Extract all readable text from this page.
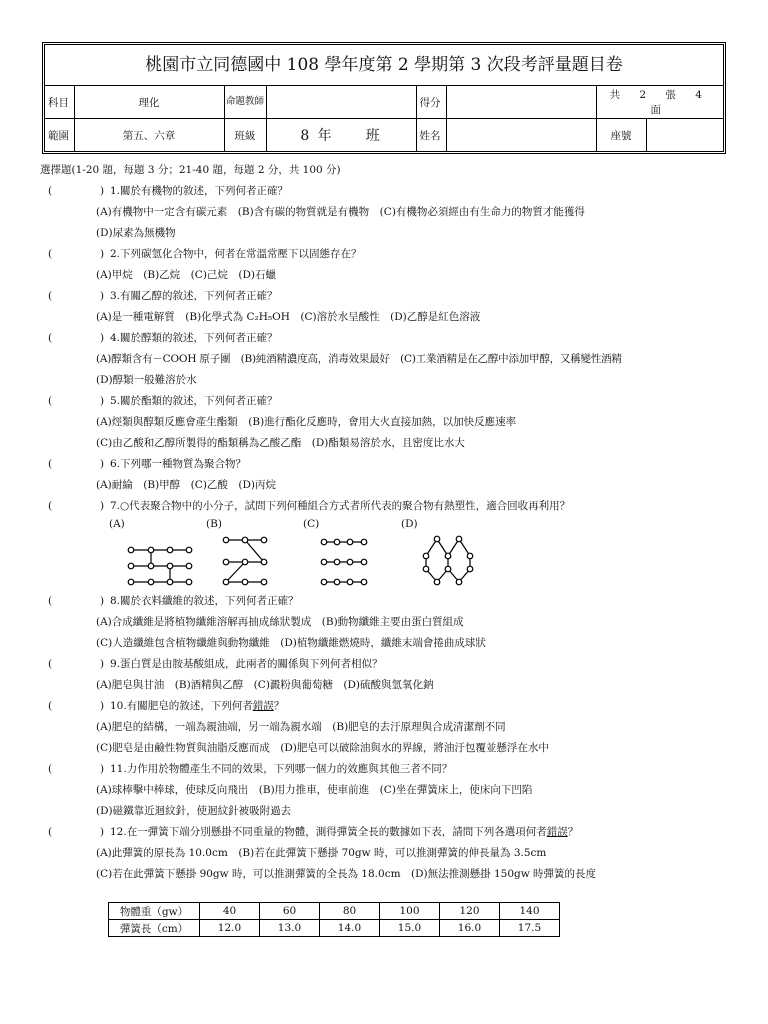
桃園市立同德國中 108 學年度第 2 學期第 3 次段考評量題目卷
科目	理化	命題教師		得分		共 2 張 4 面	
範圍	第五、六章	班級	8 年　　班	姓名		座號	
選擇題(1-20 題，每題 3 分；21-40 題，每題 2 分，共 100 分)
(	) 1.關於有機物的敘述，下列何者正確？
(A)有機物中一定含有碳元素　(B)含有碳的物質就是有機物　(C)有機物必須經由有生命力的物質才能獲得
(D)尿素為無機物
(	) 2.下列碳氫化合物中，何者在常溫常壓下以固態存在？
(A)甲烷　(B)乙烷　(C)己烷　(D)石蠟
(	) 3.有關乙醇的敘述，下列何者正確？
(A)是一種電解質　(B)化學式為 C₂H₅OH　(C)溶於水呈酸性　(D)乙醇是紅色溶液
(	) 4.關於醇類的敘述，下列何者正確？
(A)醇類含有－COOH 原子團　(B)純酒精濃度高，消毒效果最好　(C)工業酒精是在乙醇中添加甲醇，又稱變性酒精
(D)醇類一般難溶於水
(	) 5.關於酯類的敘述，下列何者正確？
(A)烴類與醇類反應會產生酯類　(B)進行酯化反應時，會用大火直接加熱，以加快反應速率
(C)由乙酸和乙醇所製得的酯類稱為乙酸乙酯　(D)酯類易溶於水，且密度比水大
(	) 6.下列哪一種物質為聚合物？
(A)耐綸　(B)甲醇　(C)乙酸　(D)丙烷
(	) 7.○代表聚合物中的小分子，試問下列何種組合方式者所代表的聚合物有熱塑性，適合回收再利用？
(A)	(B)	(C)	(D)
(	) 8.關於衣料纖維的敘述，下列何者正確？
(A)合成纖維是將植物纖維溶解再抽成絲狀製成　(B)動物纖維主要由蛋白質組成
(C)人造纖維包含植物纖維與動物纖維　(D)植物纖維燃燒時，纖維末端會捲曲成球狀
(	) 9.蛋白質是由胺基酸組成，此兩者的關係與下列何者相似？
(A)肥皂與甘油　(B)酒精與乙醇　(C)澱粉與葡萄糖　(D)硫酸與氫氧化鈉
(	) 10.有關肥皂的敘述，下列何者錯誤？
(A)肥皂的結構，一端為親油端，另一端為親水端　(B)肥皂的去汙原理與合成清潔劑不同
(C)肥皂是由鹼性物質與油脂反應而成　(D)肥皂可以破除油與水的界線，將油汙包覆並懸浮在水中
(	) 11.力作用於物體產生不同的效果，下列哪一個力的效應與其他三者不同？
(A)球棒擊中棒球，使球反向飛出　(B)用力推車，使車前進　(C)坐在彈簧床上，使床向下凹陷
(D)磁鐵靠近迴紋針，使迴紋針被吸附過去
(	) 12.在一彈簧下端分別懸掛不同重量的物體，測得彈簧全長的數據如下表，請問下列各選項何者錯誤？
(A)此彈簧的原長為 10.0cm　(B)若在此彈簧下懸掛 70gw 時，可以推測彈簧的伸長量為 3.5cm
(C)若在此彈簧下懸掛 90gw 時，可以推測彈簧的全長為 18.0cm　(D)無法推測懸掛 150gw 時彈簧的長度
物體重（gw）	40	60	80	100	120	140
彈簧長（cm）	12.0	13.0	14.0	15.0	16.0	17.5
